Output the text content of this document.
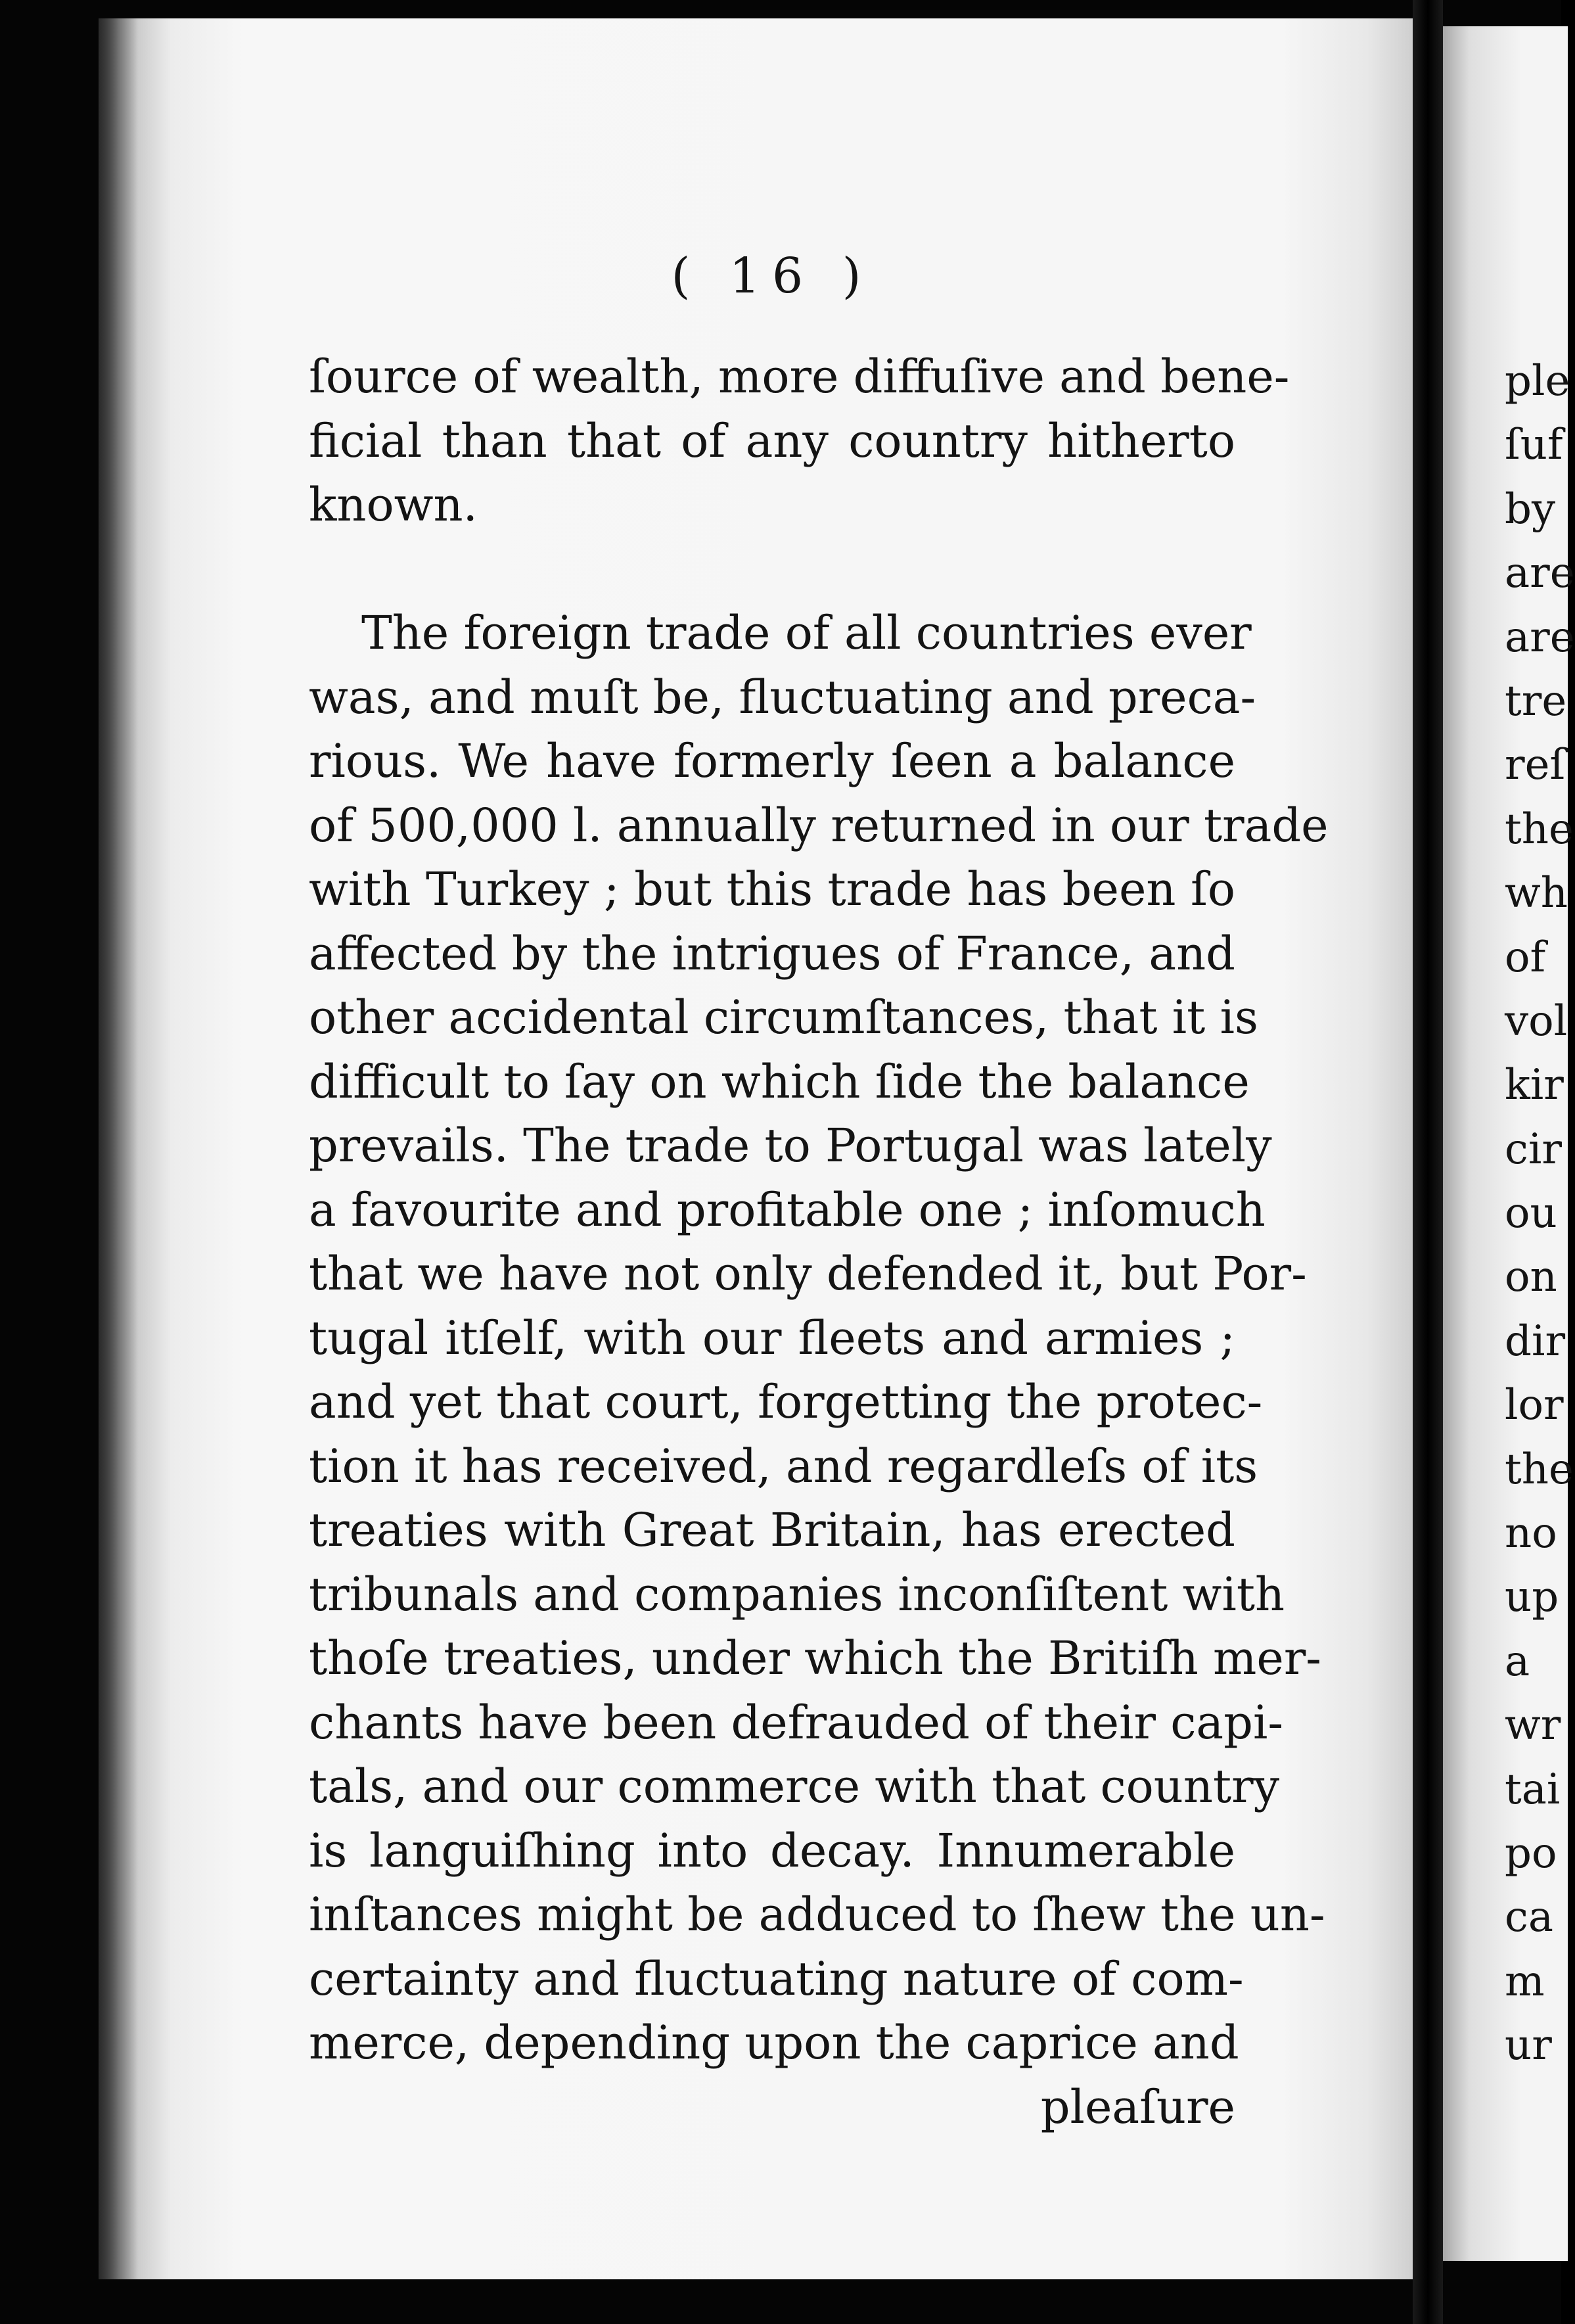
( 16 )
ſource of wealth, more diffuſive and bene-
ficial than that of any country hitherto
known.
The foreign trade of all countries ever
was, and muſt be, fluctuating and preca-
rious. We have formerly ſeen a balance
of 500,000 l. annually returned in our trade
with Turkey ; but this trade has been ſo
affected by the intrigues of France, and
other accidental circumſtances, that it is
difficult to ſay on which ſide the balance
prevails. The trade to Portugal was lately
a favourite and profitable one ; inſomuch
that we have not only defended it, but Por-
tugal itſelf, with our fleets and armies ;
and yet that court, forgetting the protec-
tion it has received, and regardleſs of its
treaties with Great Britain, has erected
tribunals and companies inconſiſtent with
thoſe treaties, under which the Britiſh mer-
chants have been defrauded of their capi-
tals, and our commerce with that country
is languiſhing into decay. Innumerable
inſtances might be adduced to ſhew the un-
certainty and fluctuating nature of com-
merce, depending upon the caprice and
pleaſure
ple
ſuf
by
are
are
tre
reſ
the
wh
of
vol
kir
cir
ou
on
dir
lor
the
no
up
a
wr
tai
po
ca
m
ur
